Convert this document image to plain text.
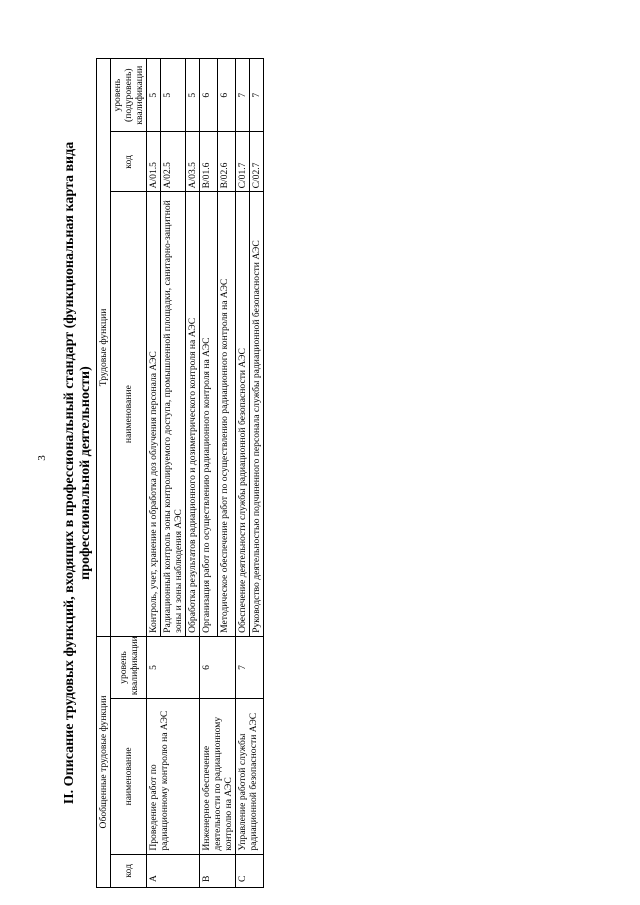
3 II. Описание трудовых функций, входящих в профессиональный стандарт (функциональная карта вида профессиональной деятельности)
Обобщенные трудовые функции			Трудовые функции		
код	наименование	уровень квалификации	наименование	код	уровень (подуровень) квалификации
A	Проведение работ по радиационному контролю на АЭС	5	Контроль, учет, хранение и обработка доз облучения персонала АЭС	A/01.5	5
			Радиационный контроль зоны контролируемого доступа, промышленной площадки, санитарно-защитной зоны и зоны наблюдения АЭС	A/02.5	5
			Обработка результатов радиационного и дозиметрического контроля на АЭС	A/03.5	5
В	Инженерное обеспечение деятельности по радиационному контролю на АЭС	6	Организация работ по осуществлению радиационного контроля на АЭС	B/01.6	6
			Методическое обеспечение работ по осуществлению радиационного контроля на АЭС	B/02.6	6
C	Управление работой службы радиационной безопасности АЭС	7	Обеспечение деятельности службы радиационной безопасности АЭС	С/01.7	7
			Руководство деятельностью подчиненного персонала службы радиационной безопасности АЭС	С/02.7	7
